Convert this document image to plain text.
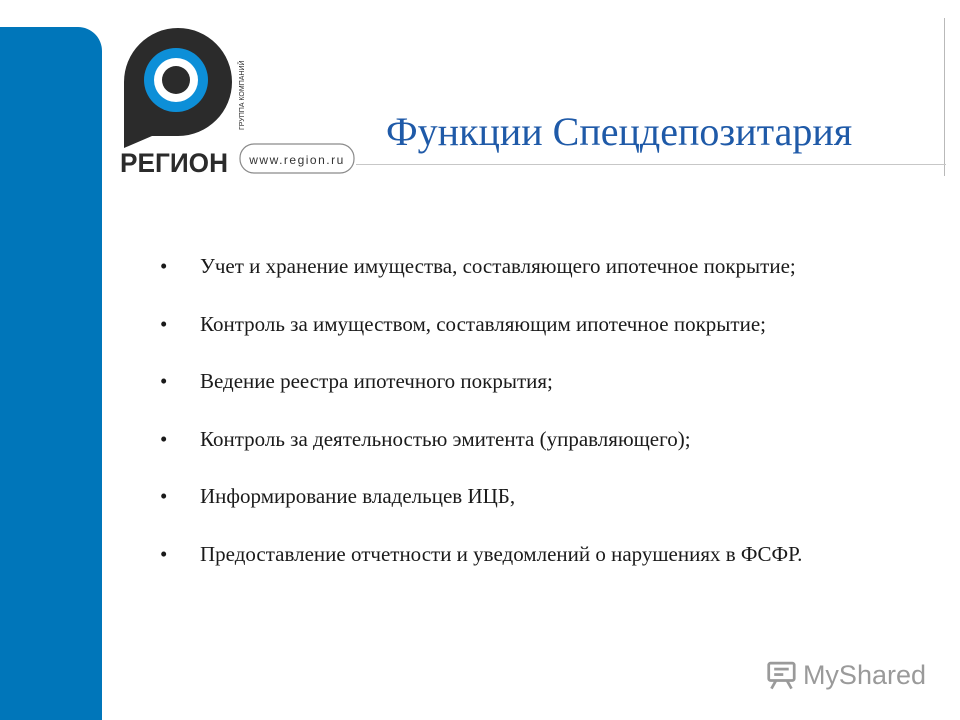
ГРУППА КОМПАНИЙ
РЕГИОН www.region.ru
Функции Спецдепозитария
•	Учет и хранение имущества, составляющего ипотечное покрытие;
•	Контроль за имуществом, составляющим ипотечное покрытие;
•	Ведение реестра ипотечного покрытия;
•	Контроль за деятельностью эмитента (управляющего);
•	Информирование владельцев ИЦБ,
•	Предоставление отчетности и уведомлений о нарушениях в ФСФР.
MyShared
